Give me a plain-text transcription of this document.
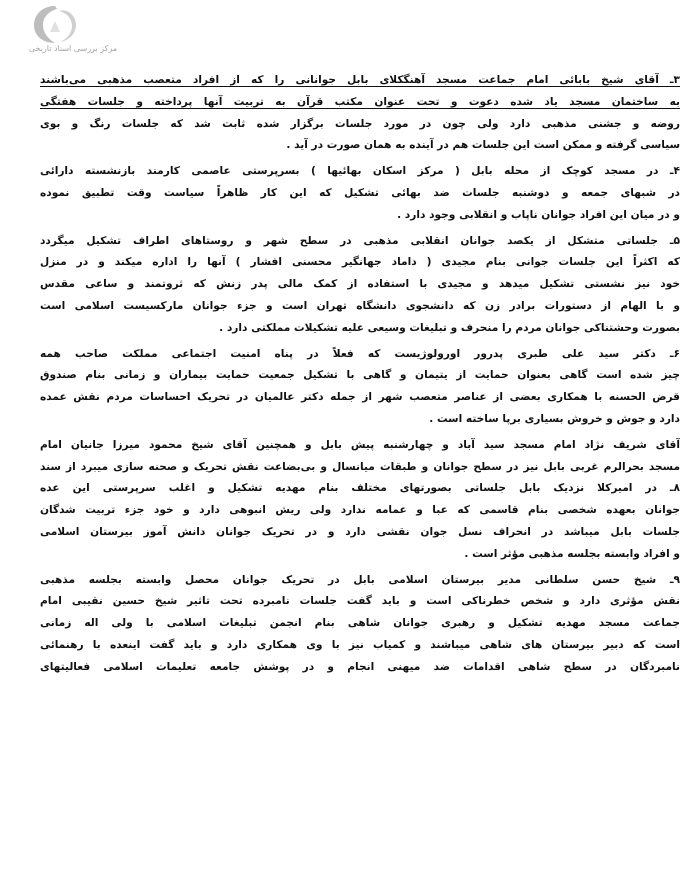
مرکز بررسی اسناد تاریخی
۳ـ آقای شیخ بابائی امام جماعت مسجد آهنگکلای بابل جوانانی را که از افراد متعصب مذهبی می‌باشند
به ساختمان مسجد یاد شده دعوت و تحت عنوان مکتب قرآن به تربیت آنها پرداخته و جلسات هفتگی
روضه و جشنی مذهبی دارد ولی چون در مورد جلسات برگزار شده ثابت شد که جلسات رنگ و بوی
سیاسی گرفته و ممکن است این جلسات هم در آینده به همان صورت در آید .
۴ـ در مسجد کوچک از محله بابل ( مرکز اسکان بهائیها ) بسرپرستی عاصمی کارمند بازنشسته دارائی
در شبهای جمعه و دوشنبه جلسات ضد بهائی تشکیل که این کار ظاهراً سیاست وقت تطبیق نموده
و در میان این افراد جوانان ناپاب و انقلابی وجود دارد .
۵ـ جلساتی متشکل از یکصد جوانان انقلابی مذهبی در سطح شهر و روستاهای اطراف تشکیل میگردد
که اکثراً این جلسات جوانی بنام مجیدی ( داماد جهانگیر محسنی افشار ) آنها را اداره میکند و در منزل
خود نیز نشستی تشکیل میدهد و مجیدی با استفاده از کمک مالی پدر زنش که ثروتمند و ساعی مقدس
و با الهام از دستورات برادر زن که دانشجوی دانشگاه تهران است و جزء جوانان مارکسیست اسلامی است
بصورت وحشتناکی جوانان مردم را منحرف و تبلیغات وسیعی علیه تشکیلات مملکتی دارد .
۶ـ دکتر سید علی طبری پدرور اورولوژیست که فعلاً در پناه امنیت اجتماعی مملکت صاحب همه
چیز شده است گاهی بعنوان حمایت از یتیمان و گاهی با تشکیل جمعیت حمایت بیماران و زمانی بنام صندوق
قرض الحسنه با همکاری بعضی از عناصر متعصب شهر از جمله دکتر عالمیان در تحریک احساسات مردم نقش عمده
دارد و جوش و خروش بسیاری برپا ساخته است .
آقای شریف نژاد امام مسجد سید آباد و چهارشنبه پیش بابل و همچنین آقای شیخ محمود میرزا جانیان امام
مسجد بحرالرم غربی بابل نیز در سطح جوانان و طبقات میانسال و بی‌بضاعت نقش تحریک و صحنه سازی میبرد از سند
۸ـ در امیرکلا نزدیک بابل جلساتی بصورتهای مختلف بنام مهدیه تشکیل و اغلب سرپرستی این عده
جوانان بعهده شخصی بنام قاسمی که عبا و عمامه ندارد ولی ریش انبوهی دارد و خود جزء تربیت شدگان
جلسات بابل میباشد در انحراف نسل جوان نقشی دارد و در تحریک جوانان دانش آموز بیرستان اسلامی
و افراد وابسته بجلسه مذهبی مؤثر است .
۹ـ شیخ حسن سلطانی مدیر بیرستان اسلامی بابل در تحریک جوانان محصل وابسته بجلسه مذهبی
نقش مؤثری دارد و شخص خطرناکی است و باید گفت جلسات نامبرده تحت تاثیر شیخ حسین نقیبی امام
جماعت مسجد مهدیه تشکیل و رهبری جوانان شاهی بنام انجمن تبلیغات اسلامی با ولی اله زمانی
است که دبیر بیرستان های شاهی میباشند و کمیاب نیز با وی همکاری دارد و باید گفت اینعده با رهنمائی
نامبردگان در سطح شاهی اقدامات ضد میهنی انجام و در پوشش جامعه تعلیمات اسلامی فعالیتهای
